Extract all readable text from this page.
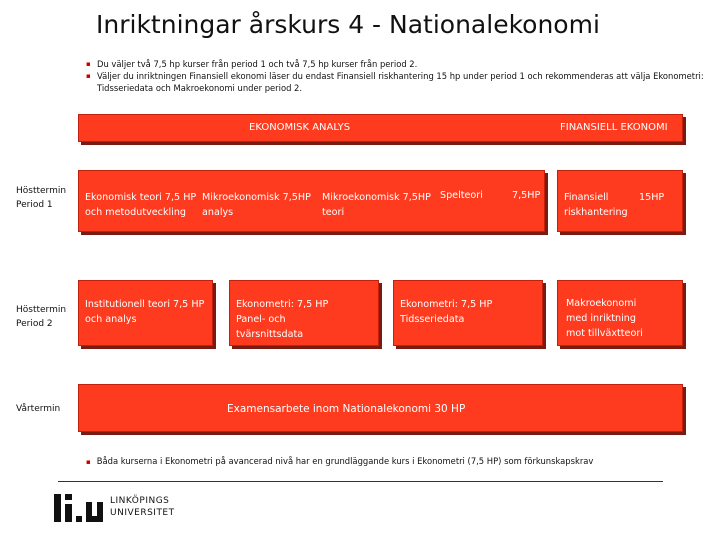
Inriktningar årskurs 4 - Nationalekonomi
▪ Du väljer två 7,5 hp kurser från period 1 och två 7,5 hp kurser från period 2.
▪ Väljer du inriktningen Finansiell ekonomi läser du endast Finansiell riskhantering 15 hp under period 1 och rekommenderas att välja Ekonometri: Tidsseriedata och Makroekonomi under period 2.
EKONOMISK ANALYS	FINANSIELL EKONOMI
Hösttermin
Period 1
Hösttermin
Period 2
Vårtermin
Ekonomisk teori 7,5 HP
och metodutveckling
Mikroekonomisk 7,5HP
analys
Mikroekonomisk 7,5HP
teori
Spelteori	7,5HP Finansiell	15HP
riskhantering
Institutionell teori 7,5 HP
och analys
Ekonometri: 7,5 HP
Panel- och
tvärsnittsdata
Ekonometri: 7,5 HP
Tidsseriedata
Makroekonomi
med inriktning
mot tillväxtteori
Examensarbete inom Nationalekonomi 30 HP
▪ Båda kurserna i Ekonometri på avancerad nivå har en grundläggande kurs i Ekonometri (7,5 HP) som förkunskapskrav
LINKÖPINGS
UNIVERSITET
